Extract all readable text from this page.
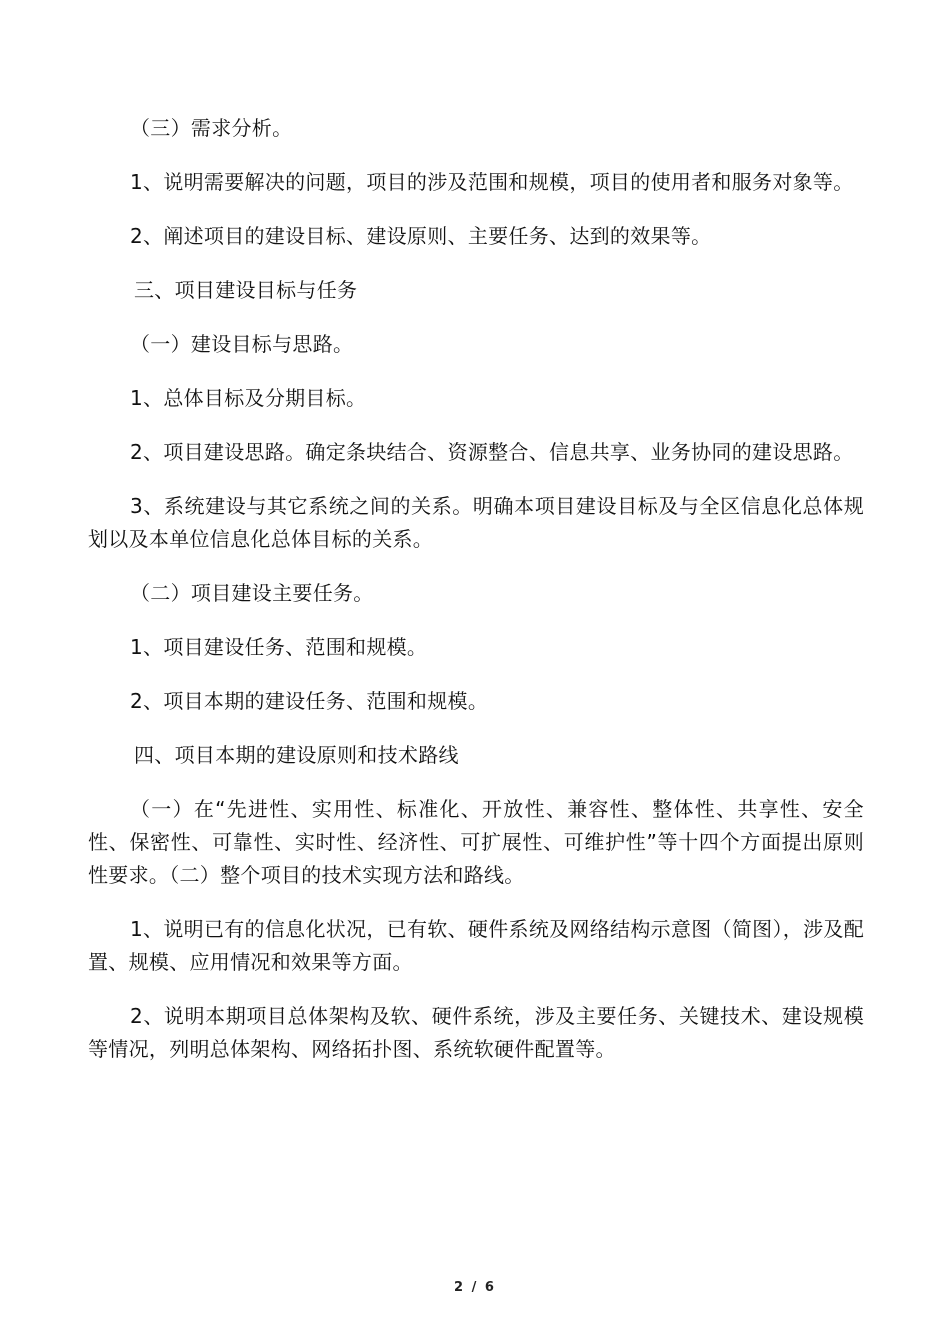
（三）需求分析。

1、说明需要解决的问题，项目的涉及范围和规模，项目的使用者和服务对象等。

2、阐述项目的建设目标、建设原则、主要任务、达到的效果等。

三、项目建设目标与任务

（一）建设目标与思路。

1、总体目标及分期目标。

2、项目建设思路。确定条块结合、资源整合、信息共享、业务协同的建设思路。

3、系统建设与其它系统之间的关系。明确本项目建设目标及与全区信息化总体规划以及本单位信息化总体目标的关系。

（二）项目建设主要任务。

1、项目建设任务、范围和规模。

2、项目本期的建设任务、范围和规模。

四、项目本期的建设原则和技术路线

（一）在“先进性、实用性、标准化、开放性、兼容性、整体性、共享性、安全性、保密性、可靠性、实时性、经济性、可扩展性、可维护性”等十四个方面提出原则性要求。（二）整个项目的技术实现方法和路线。

1、说明已有的信息化状况，已有软、硬件系统及网络结构示意图（简图），涉及配置、规模、应用情况和效果等方面。

2、说明本期项目总体架构及软、硬件系统，涉及主要任务、关键技术、建设规模等情况，列明总体架构、网络拓扑图、系统软硬件配置等。

2 / 6
